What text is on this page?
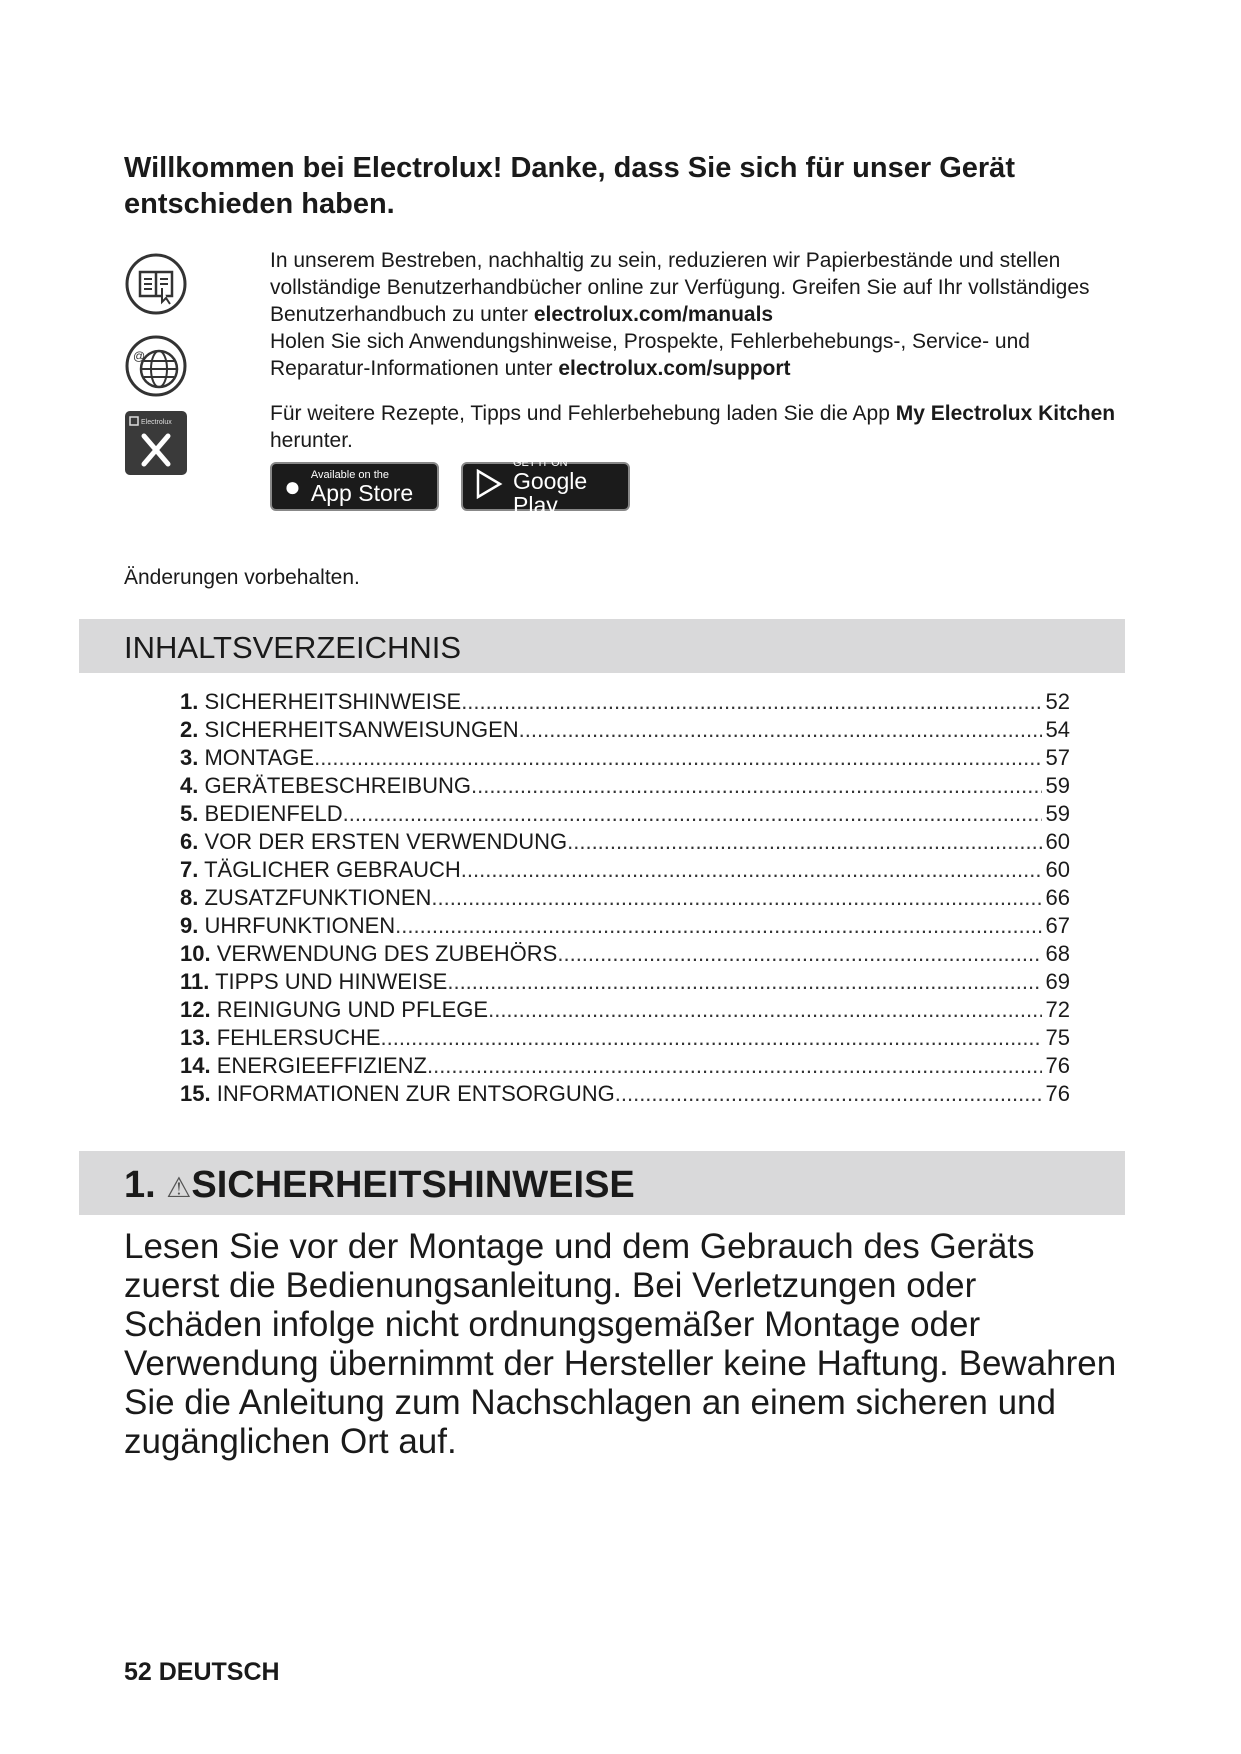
Willkommen bei Electrolux! Danke, dass Sie sich für unser Gerät entschieden haben.
@
Electrolux

In unserem Bestreben, nachhaltig zu sein, reduzieren wir Papierbestände und stellen vollständige Benutzerhandbücher online zur Verfügung. Greifen Sie auf Ihr vollständiges Benutzerhandbuch zu unter electrolux.com/manuals

Holen Sie sich Anwendungshinweise, Prospekte, Fehlerbehebungs-, Service- und Reparatur-Informationen unter electrolux.com/support

Für weitere Rezepte, Tipps und Fehlerbehebung laden Sie die App My Electrolux Kitchen herunter.

● Available on the
App Store
GET IT ON
Google Play
Änderungen vorbehalten.
INHALTSVERZEICHNIS
1. SICHERHEITSHINWEISE .....	52
2. SICHERHEITSANWEISUNGEN .....	54
3. MONTAGE .....	57
4. GERÄTEBESCHREIBUNG .....	59
5. BEDIENFELD .....	59
6. VOR DER ERSTEN VERWENDUNG .....	60
7. TÄGLICHER GEBRAUCH .....	60
8. ZUSATZFUNKTIONEN .....	66
9. UHRFUNKTIONEN .....	67
10. VERWENDUNG DES ZUBEHÖRS .....	68
11. TIPPS UND HINWEISE .....	69
12. REINIGUNG UND PFLEGE .....	72
13. FEHLERSUCHE .....	75
14. ENERGIEEFFIZIENZ .....	76
15. INFORMATIONEN ZUR ENTSORGUNG .....	76
1. ⚠SICHERHEITSHINWEISE
Lesen Sie vor der Montage und dem Gebrauch des Geräts zuerst die Bedienungsanleitung. Bei Verletzungen oder Schäden infolge nicht ordnungsgemäßer Montage oder Verwendung übernimmt der Hersteller keine Haftung. Bewahren Sie die Anleitung zum Nachschlagen an einem sicheren und zugänglichen Ort auf.
52 DEUTSCH
